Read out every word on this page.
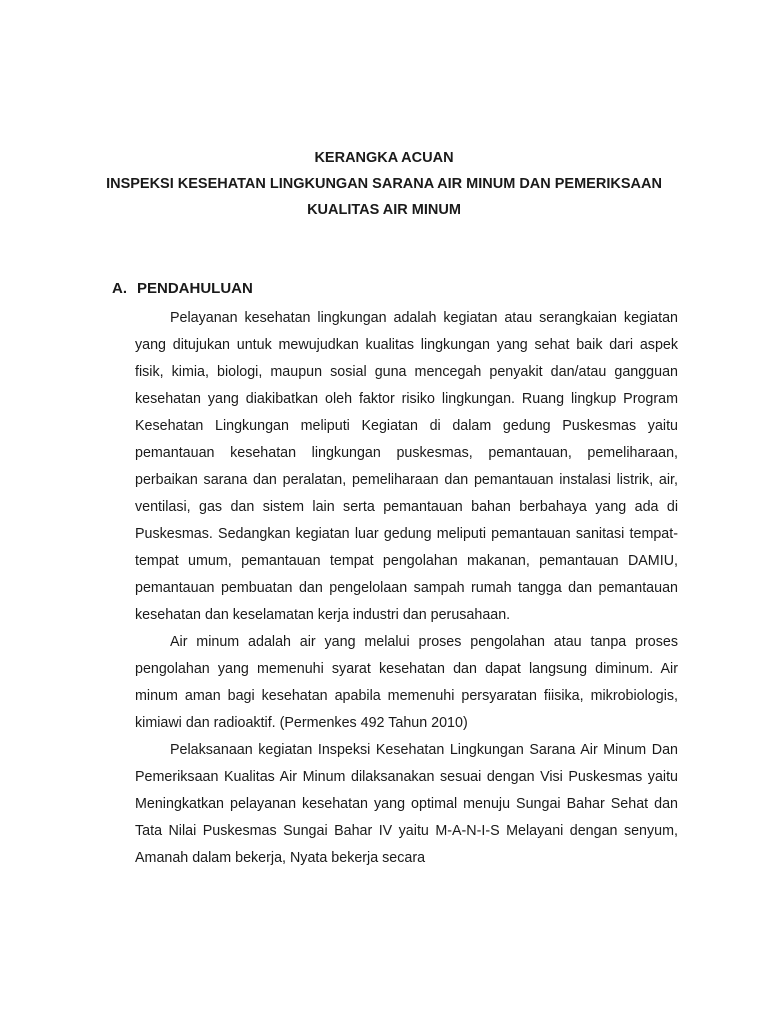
KERANGKA ACUAN
INSPEKSI KESEHATAN LINGKUNGAN SARANA AIR MINUM DAN PEMERIKSAAN
KUALITAS AIR MINUM
A. PENDAHULUAN

Pelayanan kesehatan lingkungan adalah kegiatan atau serangkaian kegiatan yang ditujukan untuk mewujudkan kualitas lingkungan yang sehat baik dari aspek fisik, kimia, biologi, maupun sosial guna mencegah penyakit dan/atau gangguan kesehatan yang diakibatkan oleh faktor risiko lingkungan. Ruang lingkup Program Kesehatan Lingkungan meliputi Kegiatan di dalam gedung Puskesmas yaitu pemantauan kesehatan lingkungan puskesmas, pemantauan, pemeliharaan, perbaikan sarana dan peralatan, pemeliharaan dan pemantauan instalasi listrik, air, ventilasi, gas dan sistem lain serta pemantauan bahan berbahaya yang ada di Puskesmas. Sedangkan kegiatan luar gedung meliputi pemantauan sanitasi tempat-tempat umum, pemantauan tempat pengolahan makanan, pemantauan DAMIU, pemantauan pembuatan dan pengelolaan sampah rumah tangga dan pemantauan kesehatan dan keselamatan kerja industri dan perusahaan.

Air minum adalah air yang melalui proses pengolahan atau tanpa proses pengolahan yang memenuhi syarat kesehatan dan dapat langsung diminum. Air minum aman bagi kesehatan apabila memenuhi persyaratan fiisika, mikrobiologis, kimiawi dan radioaktif. (Permenkes 492 Tahun 2010)

Pelaksanaan kegiatan Inspeksi Kesehatan Lingkungan Sarana Air Minum Dan Pemeriksaan Kualitas Air Minum dilaksanakan sesuai dengan Visi Puskesmas yaitu Meningkatkan pelayanan kesehatan yang optimal menuju Sungai Bahar Sehat dan Tata Nilai Puskesmas Sungai Bahar IV yaitu M-A-N-I-S Melayani dengan senyum, Amanah dalam bekerja, Nyata bekerja secara
